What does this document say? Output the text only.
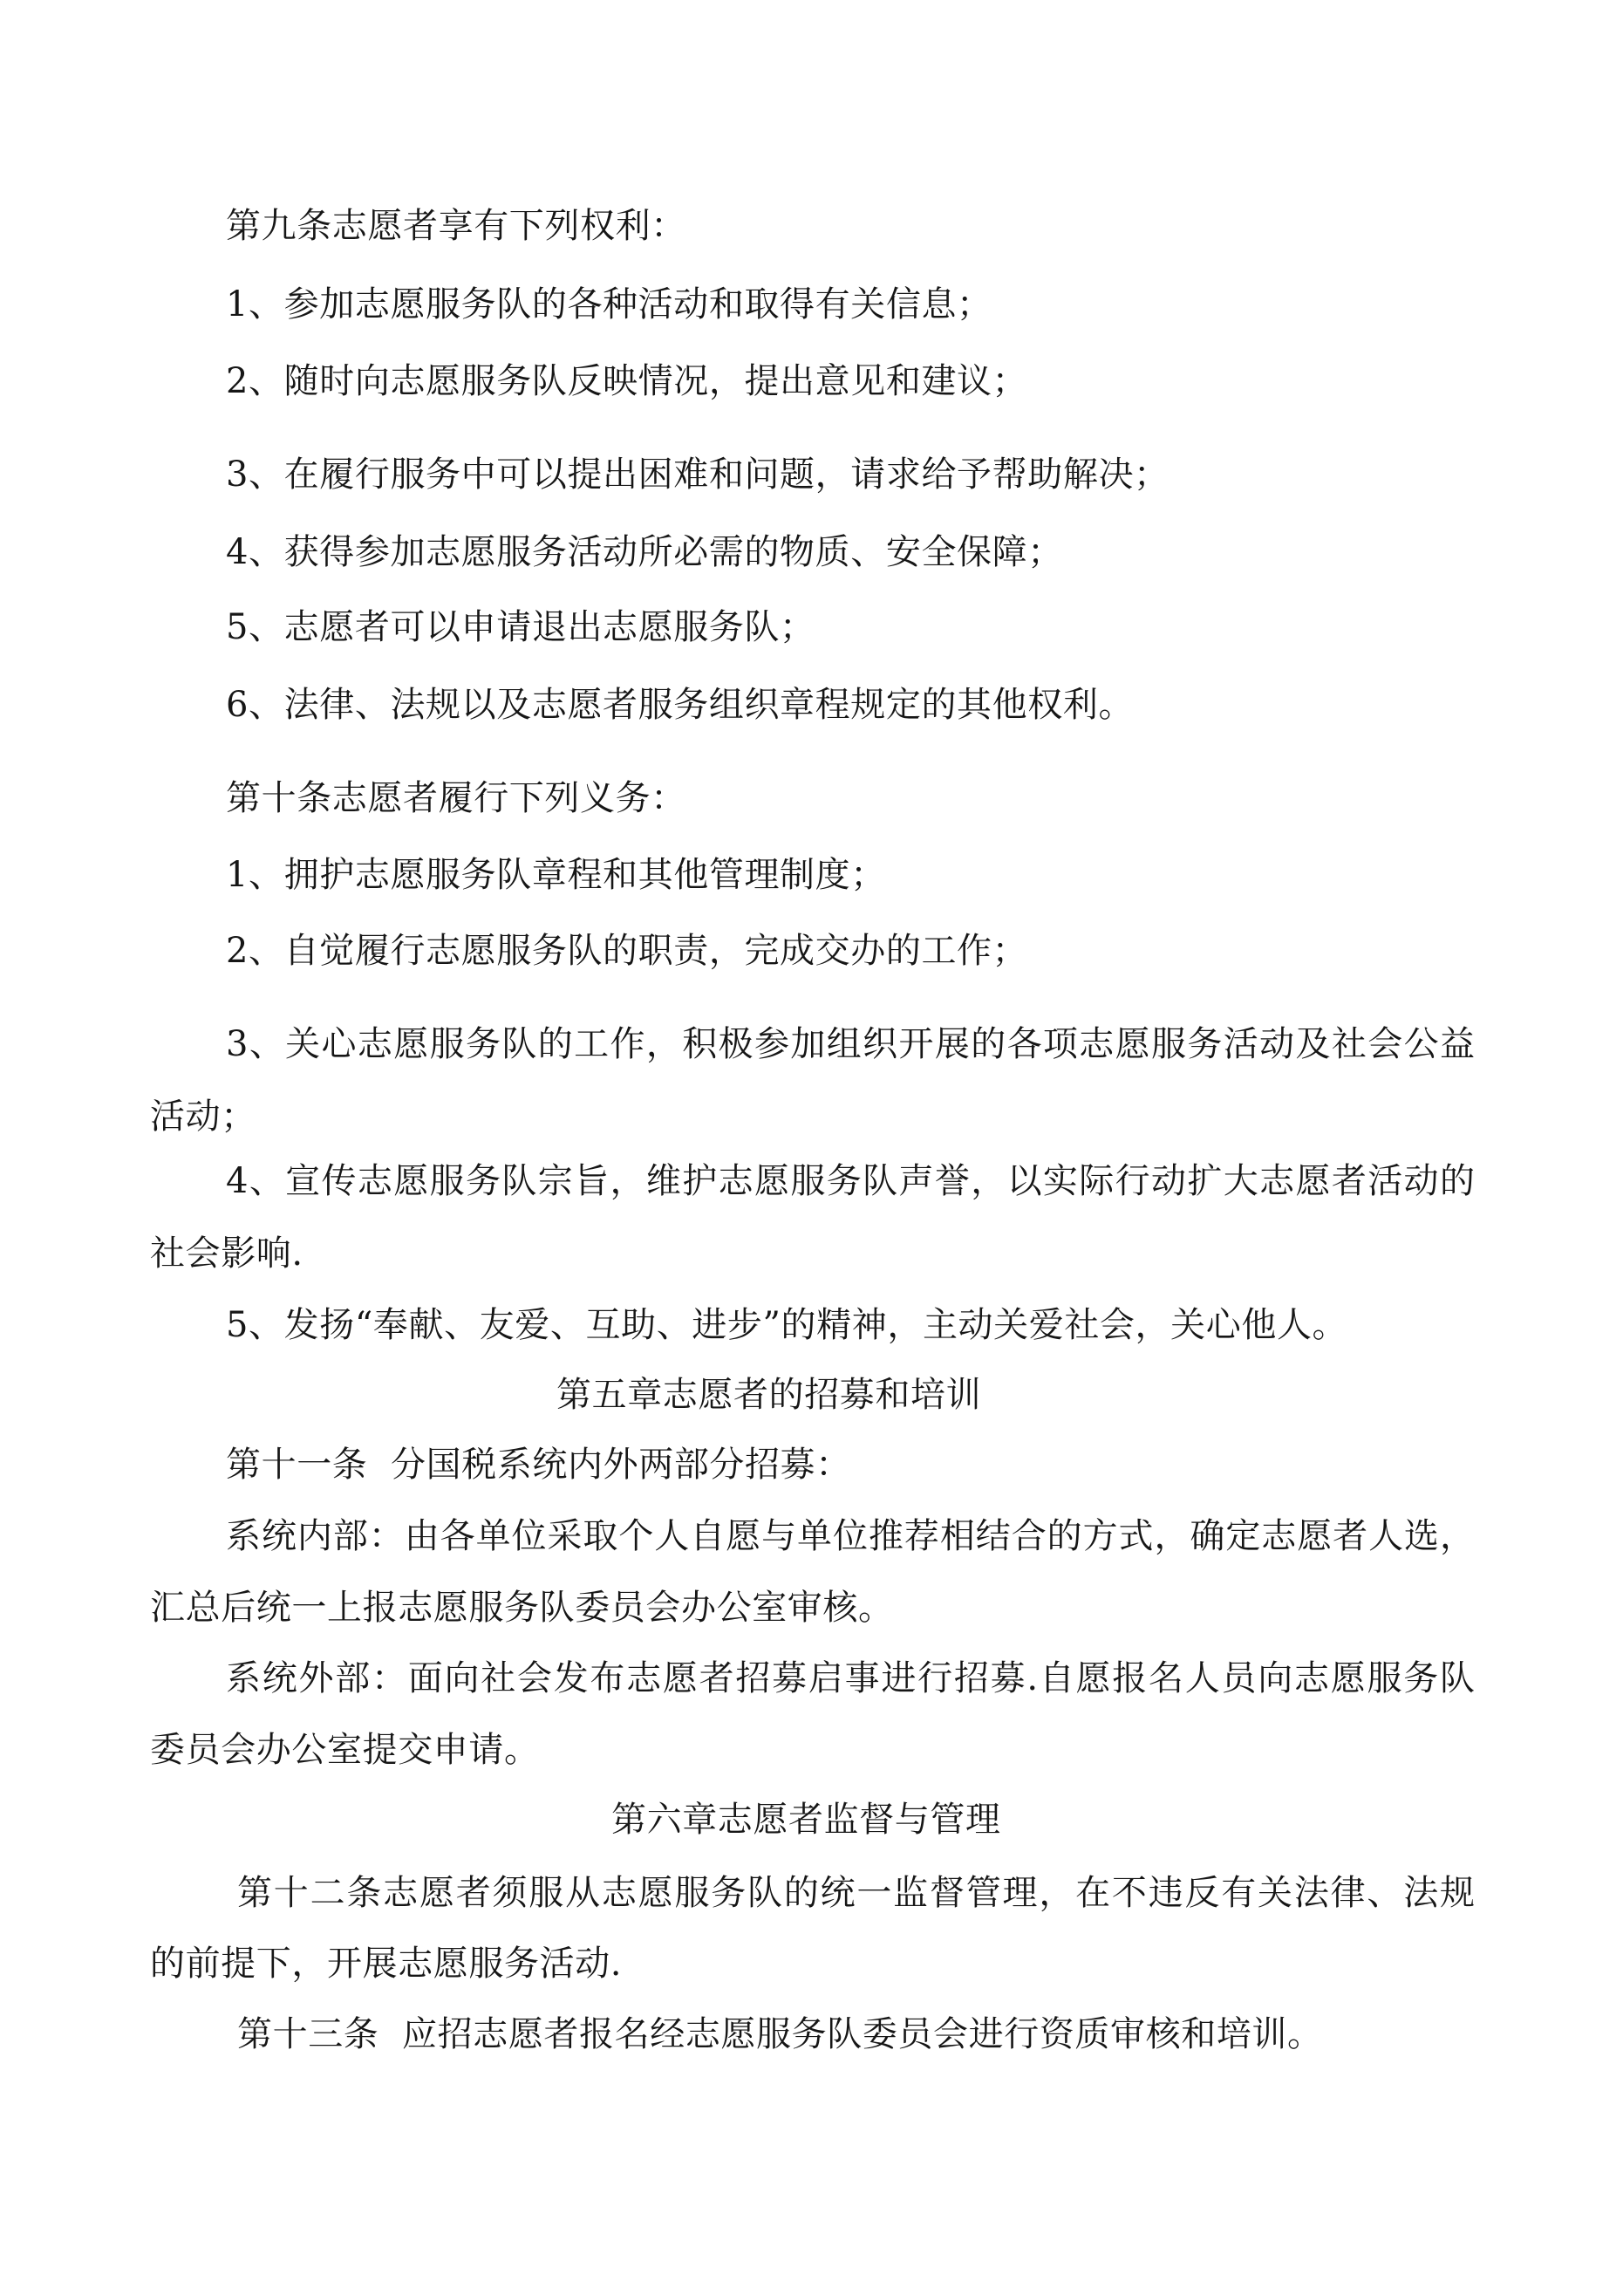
第九条志愿者享有下列权利：
1、参加志愿服务队的各种活动和取得有关信息；
2、随时向志愿服务队反映情况，提出意见和建议；
3、在履行服务中可以提出困难和问题，请求给予帮助解决；
4、获得参加志愿服务活动所必需的物质、安全保障；
5、志愿者可以申请退出志愿服务队；
6、法律、法规以及志愿者服务组织章程规定的其他权利。
第十条志愿者履行下列义务：
1、拥护志愿服务队章程和其他管理制度；
2、自觉履行志愿服务队的职责，完成交办的工作；
3、关心志愿服务队的工作，积极参加组织开展的各项志愿服务活动及社会公益
活动；
4、宣传志愿服务队宗旨，维护志愿服务队声誉，以实际行动扩大志愿者活动的
社会影响.
5、发扬“奉献、友爱、互助、进步”的精神，主动关爱社会，关心他人。
第五章志愿者的招募和培训
第十一条  分国税系统内外两部分招募：
系统内部：由各单位采取个人自愿与单位推荐相结合的方式，确定志愿者人选，
汇总后统一上报志愿服务队委员会办公室审核。
系统外部：面向社会发布志愿者招募启事进行招募.自愿报名人员向志愿服务队
委员会办公室提交申请。
第六章志愿者监督与管理
第十二条志愿者须服从志愿服务队的统一监督管理，在不违反有关法律、法规
的前提下，开展志愿服务活动.
第十三条  应招志愿者报名经志愿服务队委员会进行资质审核和培训。
